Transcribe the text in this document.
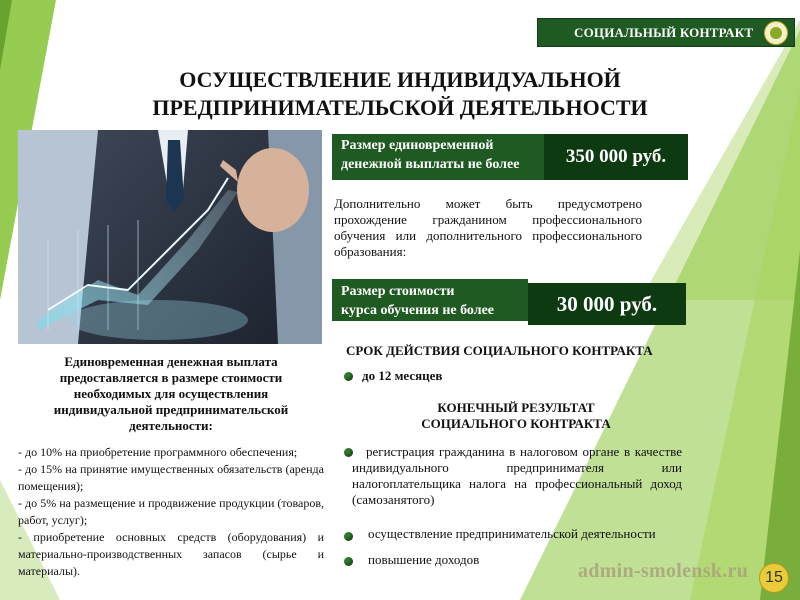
СОЦИАЛЬНЫЙ КОНТРАКТ
ОСУЩЕСТВЛЕНИЕ ИНДИВИДУАЛЬНОЙ
ПРЕДПРИНИМАТЕЛЬСКОЙ ДЕЯТЕЛЬНОСТИ
Размер единовременной
денежной выплаты не более	350 000 руб.
Дополнительно может быть предусмотрено прохождение гражданином профессионального обучения или дополнительного профессионального образования:
Размер стоимости
курса обучения не более	30 000 руб.
Единовременная денежная выплата предоставляется в размере стоимости необходимых для осуществления индивидуальной предпринимательской деятельности:
- до 10% на приобретение программного обеспечения;
- до 15% на принятие имущественных обязательств (аренда помещения);
- до 5% на размещение и продвижение продукции (товаров, работ, услуг);
- приобретение основных средств (оборудования) и материально-производственных запасов (сырье и материалы).
СРОК ДЕЙСТВИЯ СОЦИАЛЬНОГО КОНТРАКТА
до 12 месяцев
КОНЕЧНЫЙ РЕЗУЛЬТАТ
СОЦИАЛЬНОГО КОНТРАКТА
регистрация гражданина в налоговом органе в качестве индивидуального предпринимателя или налогоплательщика налога на профессиональный доход (самозанятого)
осуществление предпринимательской деятельности
повышение доходов
admin-smolensk.ru 15
